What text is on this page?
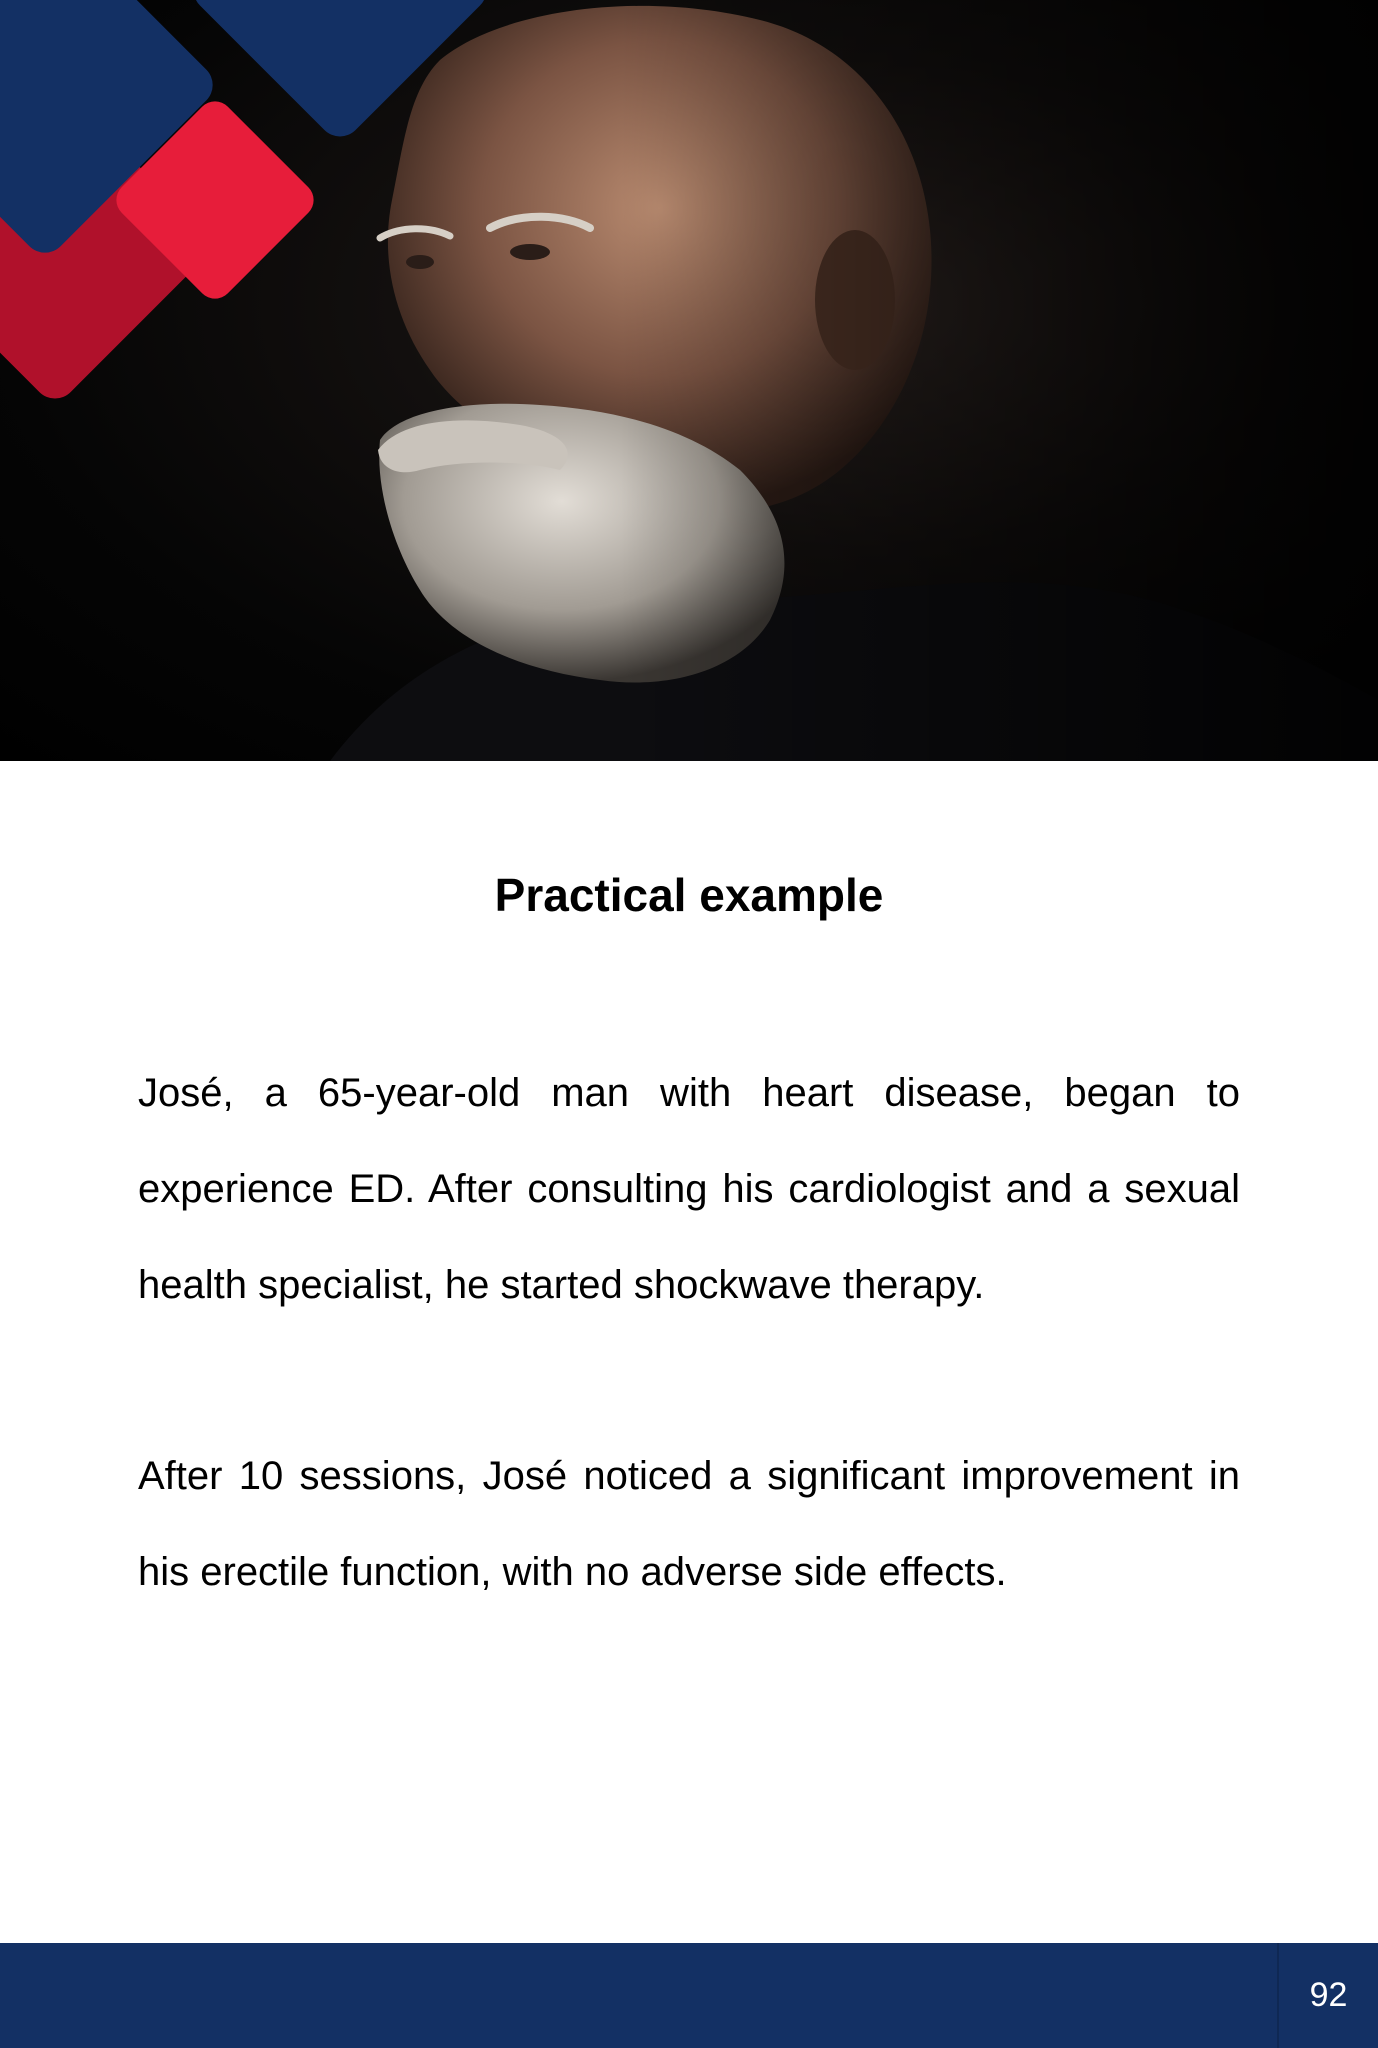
Practical example

José, a 65-year-old man with heart disease, began to experience ED. After consulting his cardiologist and a sexual health specialist, he started shockwave therapy.

After 10 sessions, José noticed a significant improvement in his erectile function, with no adverse side effects.

92
